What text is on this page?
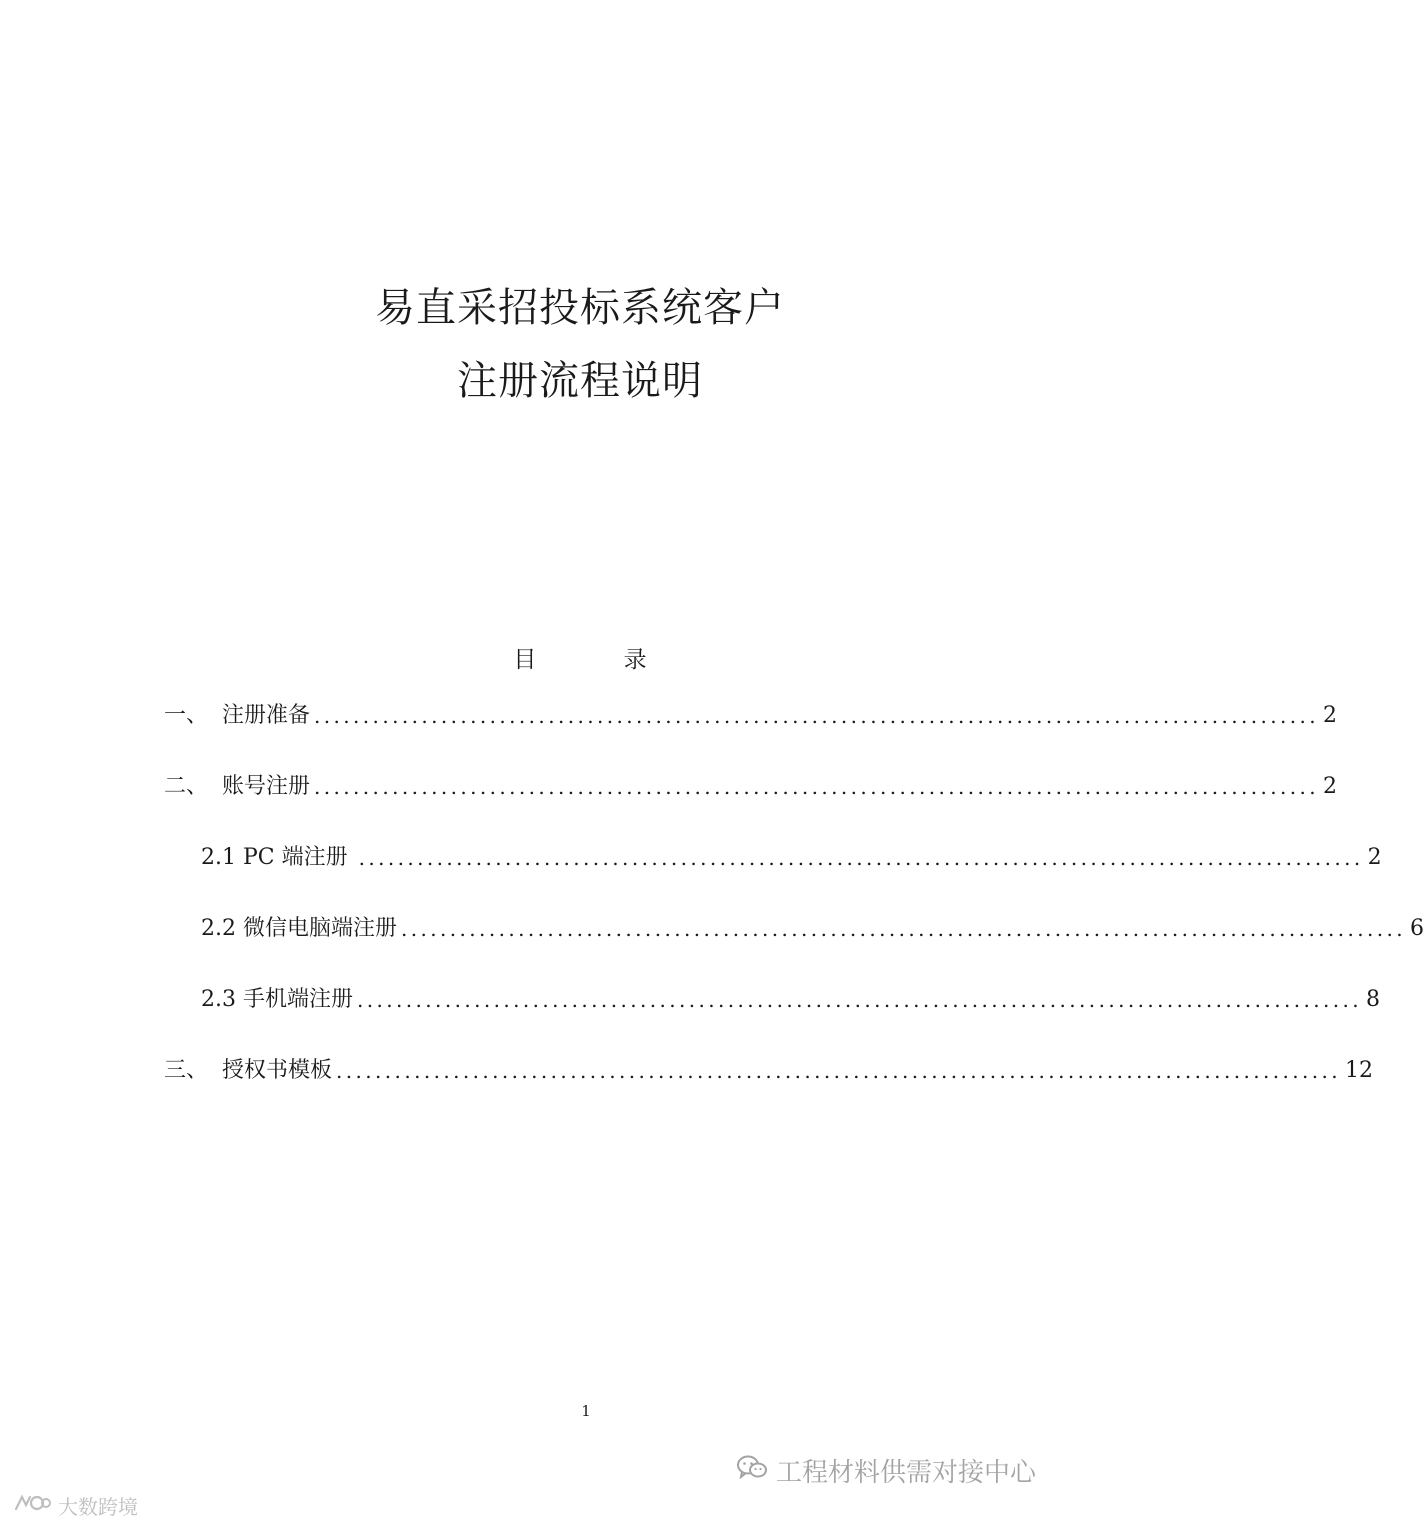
易直采招投标系统客户
注册流程说明
目 录
一、 注册准备 ....................................................................................................... 2
二、 账号注册 ....................................................................................................... 2
2.1 PC 端注册 ....................................................................................................... 2
2.2 微信电脑端注册 ....................................................................................................... 6
2.3 手机端注册 ....................................................................................................... 8
三、 授权书模板 ....................................................................................................... 12
1
工程材料供需对接中心
大数跨境
